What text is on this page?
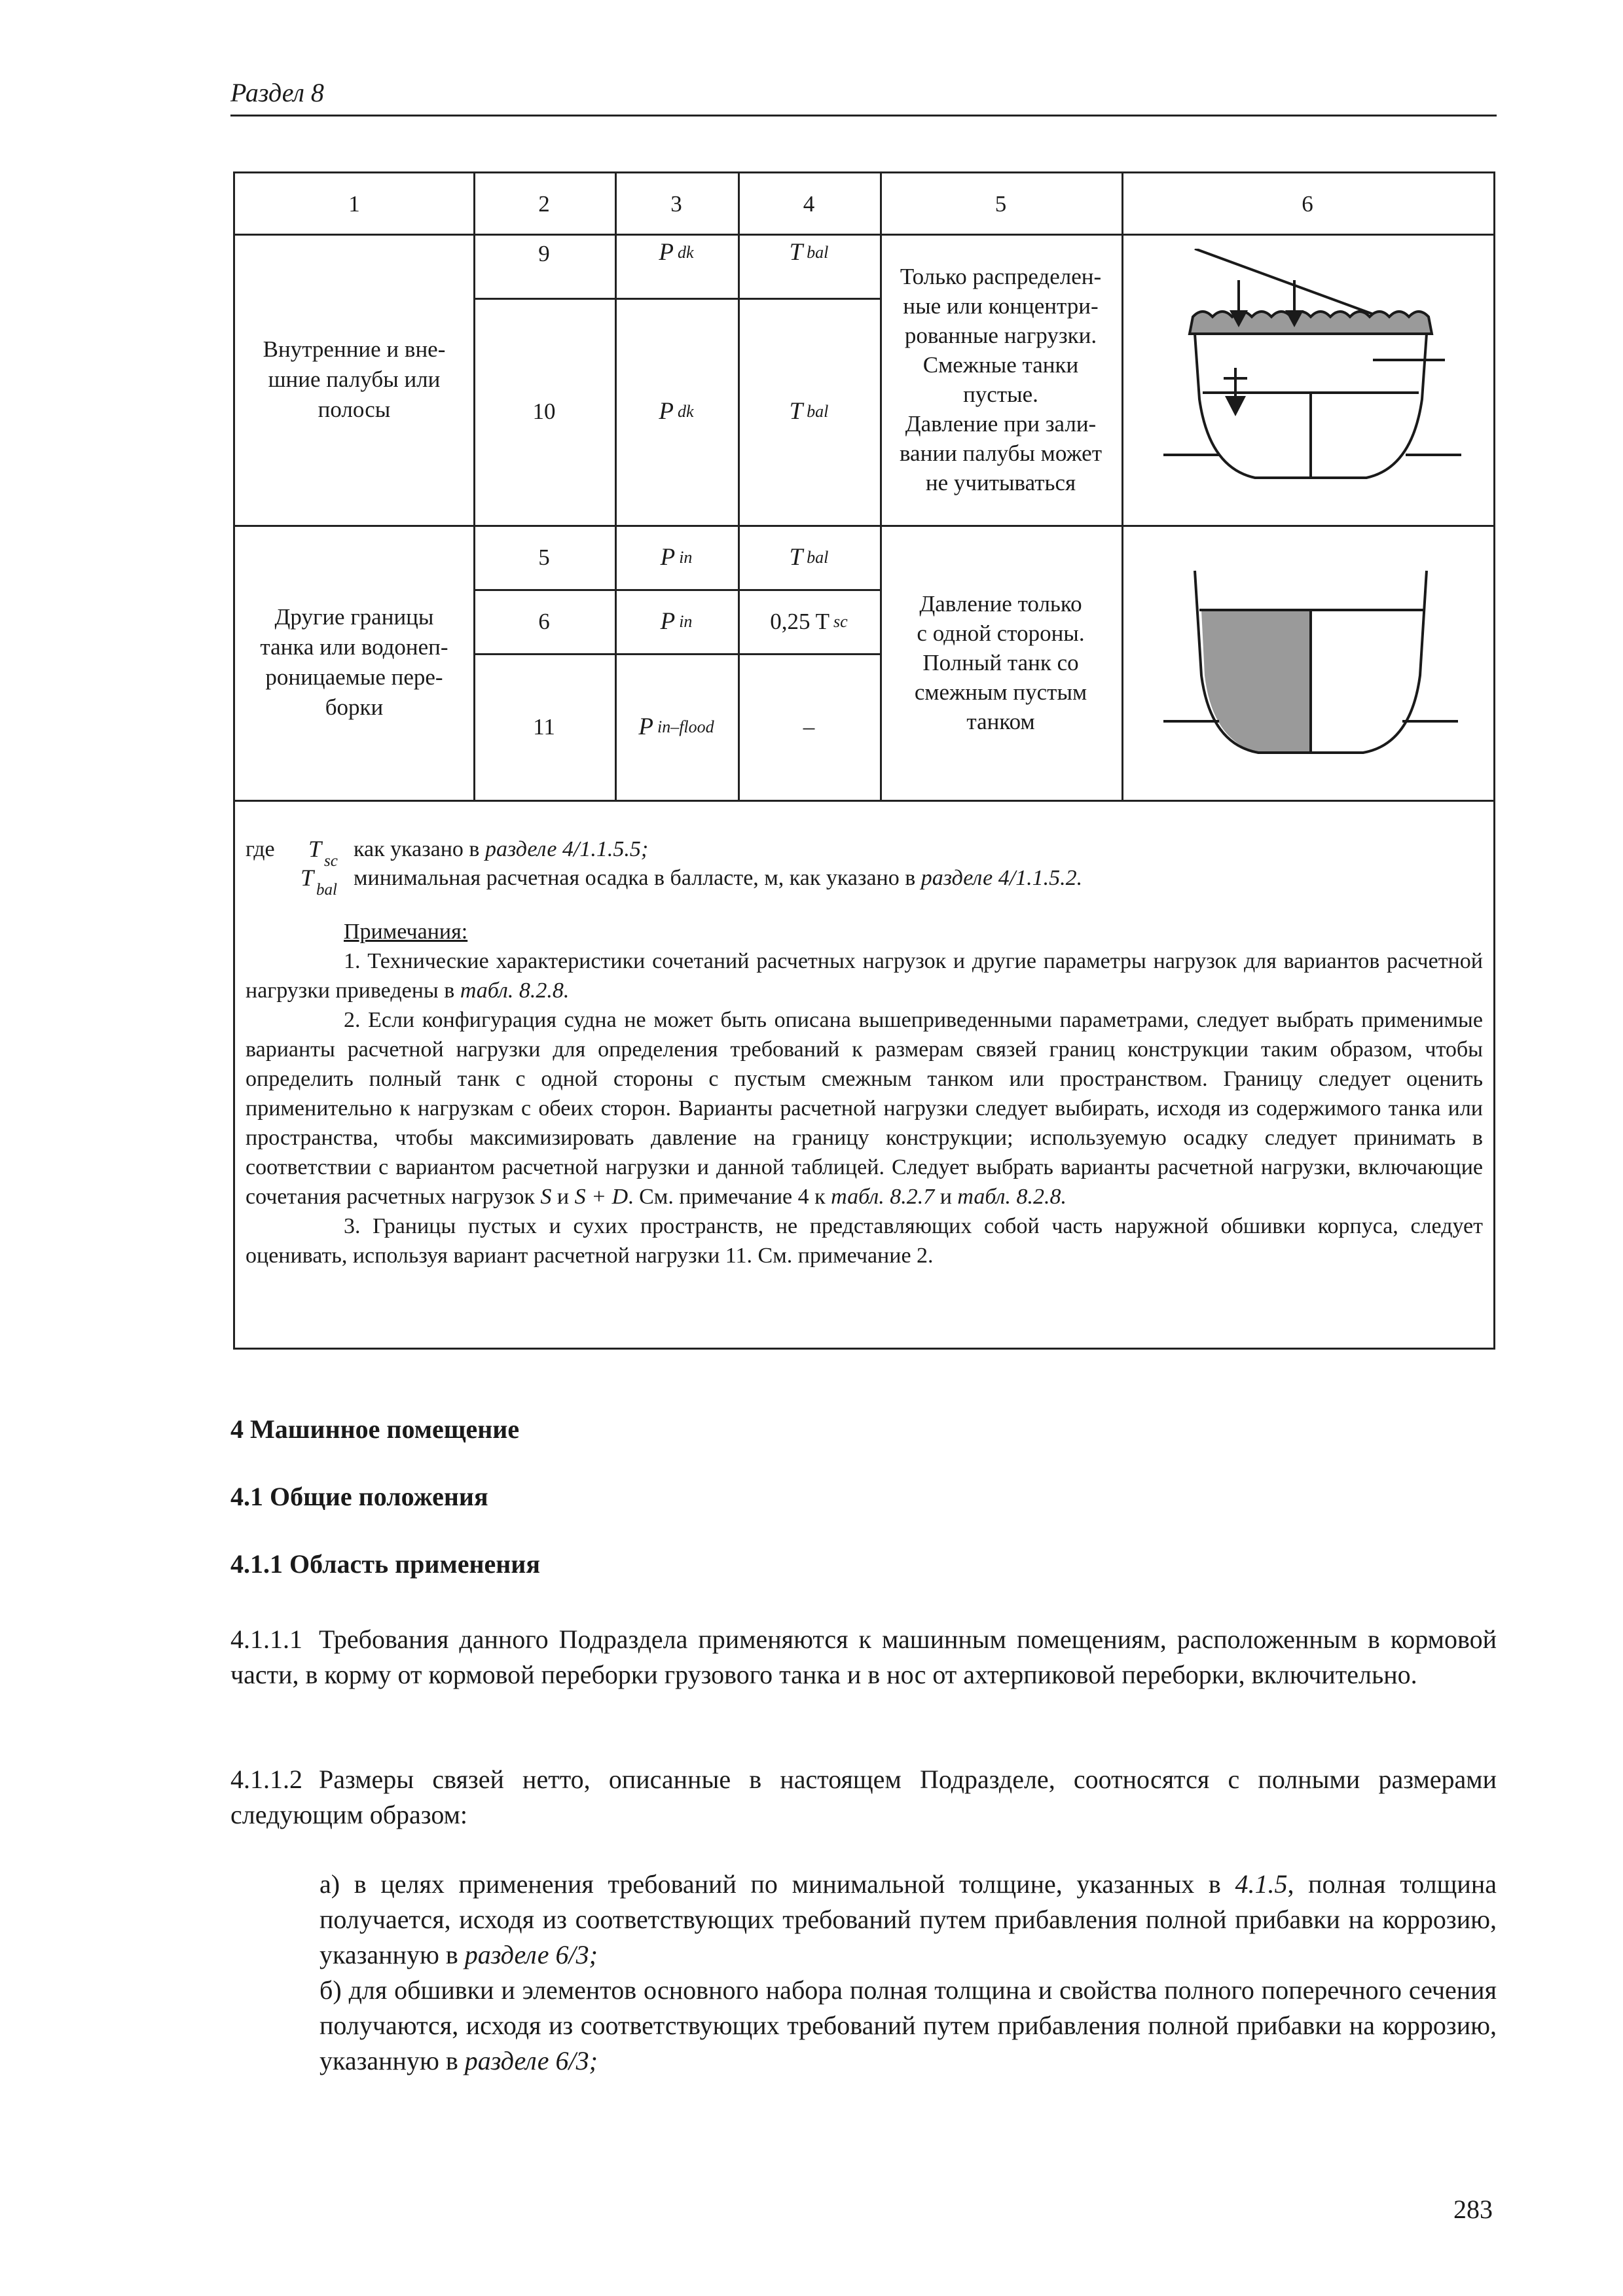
Раздел 8
1	2	3	4	5	6
Внутренние и вне-
шние палубы или
полосы
9	P dk	T bal
10	P dk	T bal
Только распределен-
ные или концентри-
рованные нагрузки.
Смежные танки
пустые.
Давление при зали-
вании палубы может
не учитываться
Другие границы
танка или водонеп-
роницаемые пере-
борки
5	P in	T bal
6	P in	0,25 T sc
11	P in–flood	–
Давление только
с одной стороны.
Полный танк со
смежным пустым
танком
где T $_{sc}$ как указано в разделе 4/1.1.5.5;
T $_{bal}$ минимальная расчетная осадка в балласте, м, как указано в разделе 4/1.1.5.2.

Примечания:

1. Технические характеристики сочетаний расчетных нагрузок и другие параметры нагрузок для вариантов расчетной нагрузки приведены в табл. 8.2.8.

2. Если конфигурация судна не может быть описана вышеприведенными параметрами, следует выбрать применимые варианты расчетной нагрузки для определения требований к размерам связей границ конструкции таким образом, чтобы определить полный танк с одной стороны с пустым смежным танком или пространством. Границу следует оценить применительно к нагрузкам с обеих сторон. Варианты расчетной нагрузки следует выбирать, исходя из содержимого танка или пространства, чтобы максимизировать давление на границу конструкции; используемую осадку следует принимать в соответствии с вариантом расчетной нагрузки и данной таблицей. Следует выбрать варианты расчетной нагрузки, включающие сочетания расчетных нагрузок S и S + D. См. примечание 4 к табл. 8.2.7 и табл. 8.2.8.

3. Границы пустых и сухих пространств, не представляющих собой часть наружной обшивки корпуса, следует оценивать, используя вариант расчетной нагрузки 11. См. примечание 2.

4 Машинное помещение
4.1 Общие положения
4.1.1 Область применения
4.1.1.1 Требования данного Подраздела применяются к машинным помещениям, расположенным в кормовой части, в корму от кормовой переборки грузового танка и в нос от ахтерпиковой переборки, включительно.
4.1.1.2 Размеры связей нетто, описанные в настоящем Подразделе, соотносятся с полными размерами следующим образом:
а) в целях применения требований по минимальной толщине, указанных в 4.1.5, полная толщина получается, исходя из соответствующих требований путем прибавления полной прибавки на коррозию, указанную в разделе 6/3;
б) для обшивки и элементов основного набора полная толщина и свойства полного поперечного сечения получаются, исходя из соответствующих требований путем прибавления полной прибавки на коррозию, указанную в разделе 6/3;
283
